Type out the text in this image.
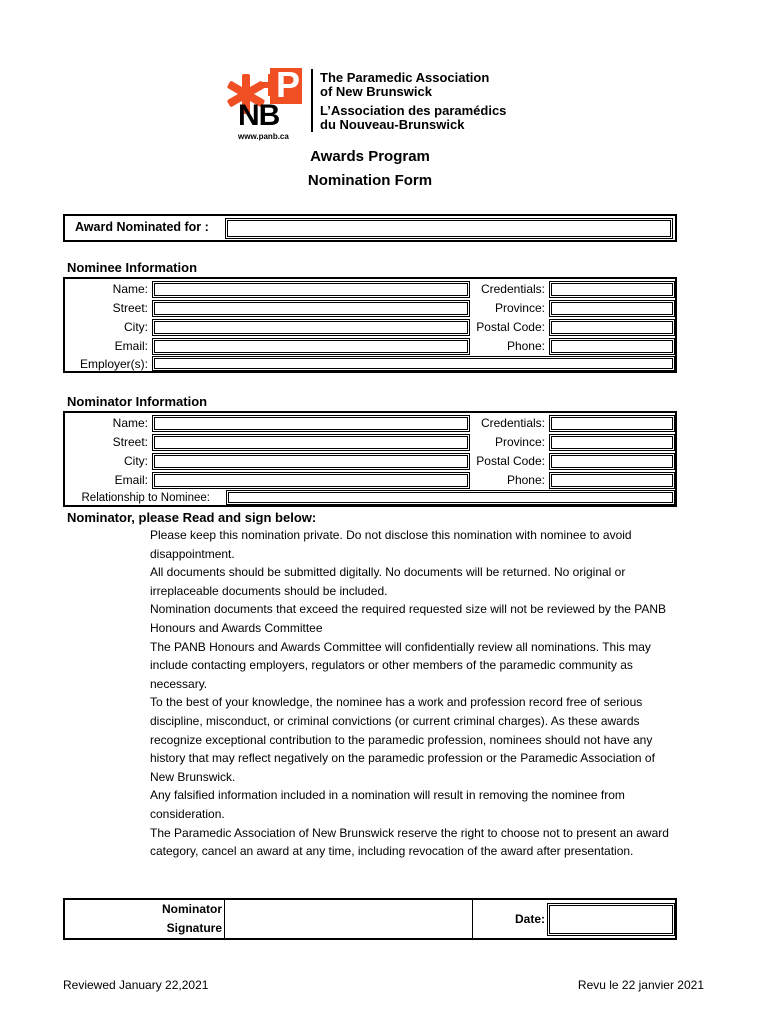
P
NB
www.panb.ca
The Paramedic Association
of New Brunswick
L’Association des paramédics
du Nouveau-Brunswick
Awards Program
Nomination Form
Award Nominated for :
Nominee Information
Name:
Street:
City:
Email:
Credentials:
Province:
Postal Code:
Phone:
Employer(s):
Nominator Information
Name:
Street:
City:
Email:
Credentials:
Province:
Postal Code:
Phone:
Relationship to Nominee:
Nominator, please Read and sign below:

Please keep this nomination private. Do not disclose this nomination with nominee to avoid disappointment.

All documents should be submitted digitally. No documents will be returned. No original or irreplaceable documents should be included.

Nomination documents that exceed the required requested size will not be reviewed by the PANB Honours and Awards Committee

The PANB Honours and Awards Committee will confidentially review all nominations. This may include contacting employers, regulators or other members of the paramedic community as necessary.

To the best of your knowledge, the nominee has a work and profession record free of serious discipline, misconduct, or criminal convictions (or current criminal charges). As these awards recognize exceptional contribution to the paramedic profession, nominees should not have any history that may reflect negatively on the paramedic profession or the Paramedic Association of New Brunswick.

Any falsified information included in a nomination will result in removing the nominee from consideration.

The Paramedic Association of New Brunswick reserve the right to choose not to present an award category, cancel an award at any time, including revocation of the award after presentation.

Nominator
Signature
Date:
Reviewed January 22,2021	Revu le 22 janvier 2021
